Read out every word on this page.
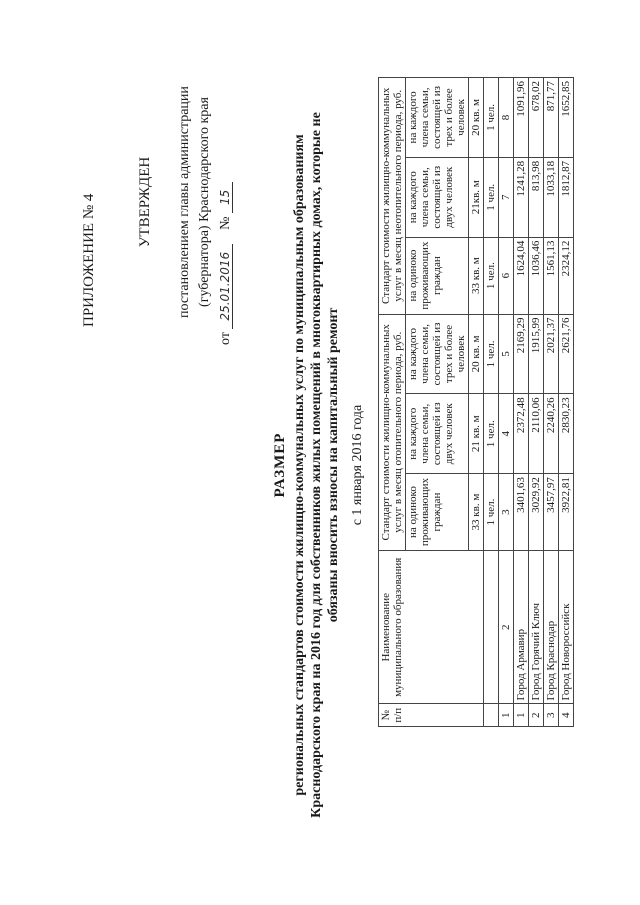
ПРИЛОЖЕНИЕ № 4	УТВЕРЖДЕН постановлением главы администрации (губернатора) Краснодарского края
от 25.01.2016    № 15
РАЗМЕР региональных стандартов стоимости жилищно-коммунальных услуг по муниципальным образованиям Краснодарского края на 2016 год для собственников жилых помещений в многоквартирных домах, которые не обязаны вносить взносы на капитальный ремонт с 1 января 2016 года
№ п/п	Наименование муниципального образования	Стандарт стоимости жилищно-коммунальных услуг в месяц отопительного периода, руб.			Стандарт стоимости жилищно-коммунальных услуг в месяц неотопительного периода, руб.		
		на одиноко проживающих граждан	на каждого члена семьи, состоящей из двух человек	на каждого члена семьи, состоящей из трех и более человек	на одиноко проживающих граждан	на каждого члена семьи, состоящей из двух человек	на каждого члена семьи, состоящей из трех и более человек
		33 кв. м	21 кв. м	20 кв. м	33 кв. м	21кв. м	20 кв. м
		1 чел.	1 чел.	1 чел.	1 чел.	1 чел.	1 чел.
1	2	3	4	5	6	7	8
1	Город Армавир	3401,63	2372,48	2169,29	1624,04	1241,28	1091,96
2	Город Горячий Ключ	3029,92	2110,06	1915,99	1036,46	813,98	678,02
3	Город Краснодар	3457,97	2240,26	2021,37	1561,13	1033,18	871,77
4	Город Новороссийск	3922,81	2830,23	2621,76	2324,12	1812,87	1652,85
